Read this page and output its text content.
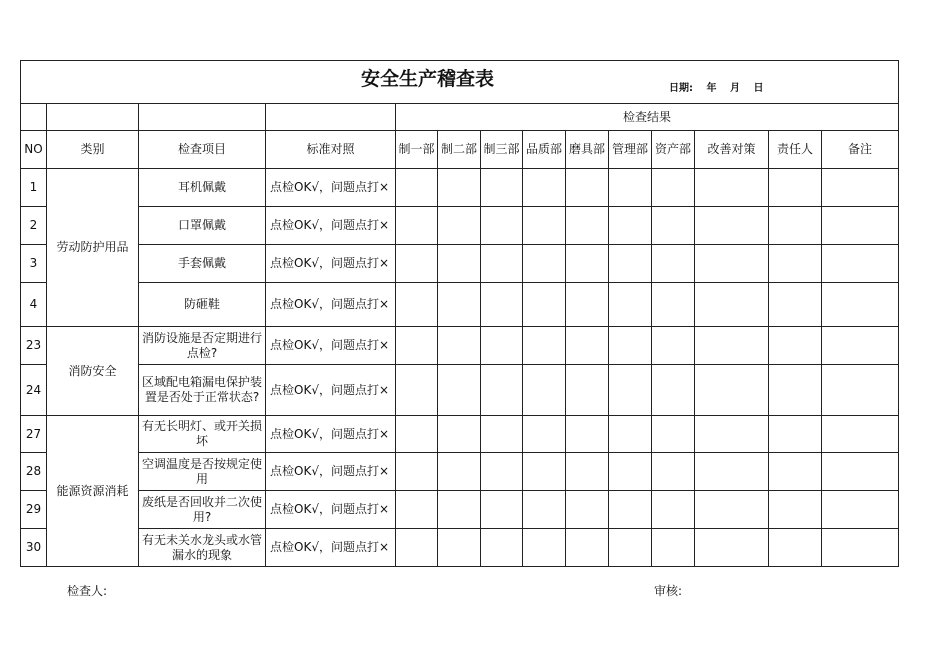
安全生产稽查表 日期: 年 月 日													

				检查结果									
NO	类别	检查项目	标准对照	制一部	制二部	制三部	品质部	磨具部	管理部	资产部	改善对策	责任人	备注
1	劳动防护用品	耳机佩戴	点检OK√，问题点打×										
2		口罩佩戴	点检OK√，问题点打×										
3		手套佩戴	点检OK√，问题点打×										
4		防砸鞋	点检OK√，问题点打×										
23	消防安全	消防设施是否定期进行点检?	点检OK√，问题点打×										
24		区域配电箱漏电保护装置是否处于正常状态?	点检OK√，问题点打×										
27	能源资源消耗	有无长明灯、或开关损坏	点检OK√，问题点打×										
28		空调温度是否按规定使用	点检OK√，问题点打×										
29		废纸是否回收并二次使用?	点检OK√，问题点打×										
30		有无未关水龙头或水管漏水的现象	点检OK√，问题点打×										
检查人:	审核:
